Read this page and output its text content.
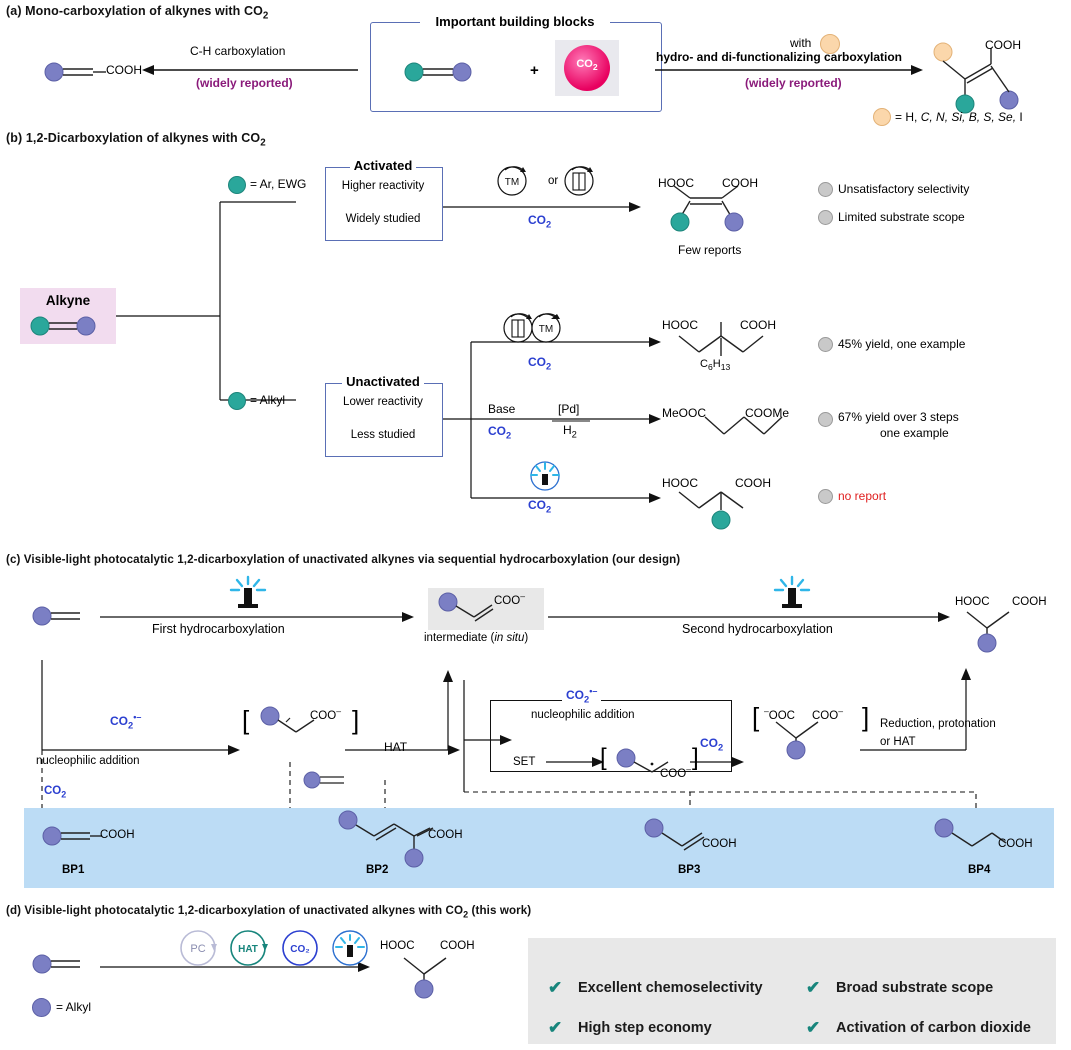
(a) Mono-carboxylation of alkynes with $CO_2$	Important building blocks
+	$CO_2$
C-H carboxylation
(widely reported)
COOH
with
hydro- and di-functionalizing carboxylation
(widely reported)
COOH
= H, C, N, Si, B, S, Se, I
(b) 1,2-Dicarboxylation of alkynes with $CO_2$
Alkyne
= Ar, EWG
= Alkyl
Activated
Higher reactivity
Widely studied
Unactivated
Lower reactivity
Less studied
TM	or
$CO_2$
HOOC COOH
Few reports
Unsatisfactory selectivity
Limited substrate scope
TM
$CO_2$
HOOC	COOH
$C_6H_{13}$
45% yield, one example
Base
$CO_2$
[Pd]
$H_2$
MeOOC	COOMe	67% yield over 3 steps
one example
$CO_2$
HOOC	COOH
no report
(c) Visible-light photocatalytic 1,2-dicarboxylation of unactivated alkynes via sequential hydrocarboxylation (our design)
First hydrocarboxylation
COO–
intermediate (in situ)
Second hydrocarboxylation
HOOC COOH
$CO_2^{•-}$
nucleophilic addition
$CO_2$
[	]
COO–
HAT
$CO_2^{•-}$
nucleophilic addition
SET	[	]
COO–
$CO_2$
[	]
–OOC COO–
Reduction, protonation
or HAT
COOH
BP1
COOH
BP2
COOH
BP3
COOH
BP4
(d) Visible-light photocatalytic 1,2-dicarboxylation of unactivated alkynes with $CO_2$ (this work)
PC	HAT	CO₂	HOOC COOH
= Alkyl
✔ Excellent chemoselectivity	✔ Broad substrate scope
✔ High step economy	✔ Activation of carbon dioxide
